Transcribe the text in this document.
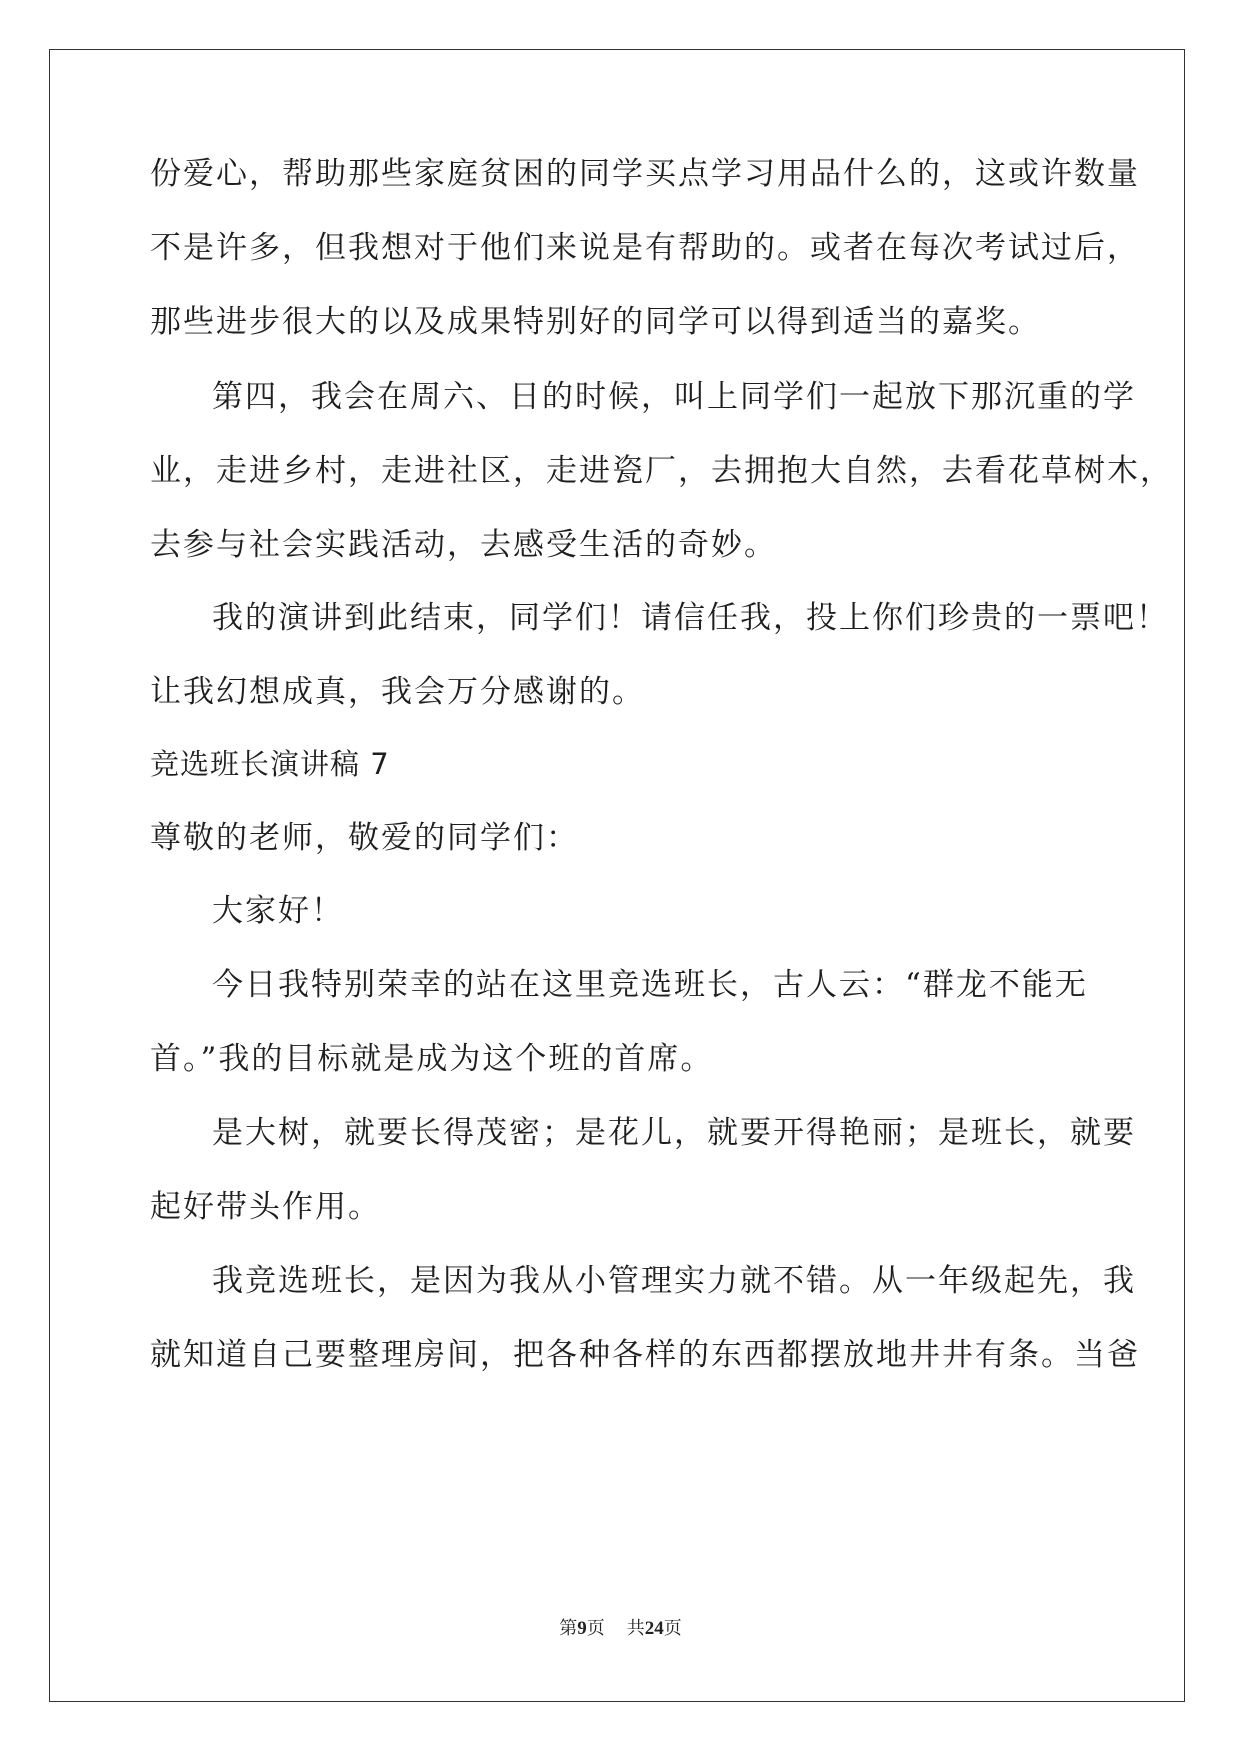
份爱心，帮助那些家庭贫困的同学买点学习用品什么的，这或许数量
不是许多，但我想对于他们来说是有帮助的。或者在每次考试过后，
那些进步很大的以及成果特别好的同学可以得到适当的嘉奖。
第四，我会在周六、日的时候，叫上同学们一起放下那沉重的学
业，走进乡村，走进社区，走进瓷厂，去拥抱大自然，去看花草树木，
去参与社会实践活动，去感受生活的奇妙。
我的演讲到此结束，同学们！请信任我，投上你们珍贵的一票吧！
让我幻想成真，我会万分感谢的。
竞选班长演讲稿 7
尊敬的老师，敬爱的同学们：
大家好！
今日我特别荣幸的站在这里竞选班长，古人云：“群龙不能无
首。”我的目标就是成为这个班的首席。
是大树，就要长得茂密；是花儿，就要开得艳丽；是班长，就要
起好带头作用。
我竞选班长，是因为我从小管理实力就不错。从一年级起先，我
就知道自己要整理房间，把各种各样的东西都摆放地井井有条。当爸
第9页 共24页
